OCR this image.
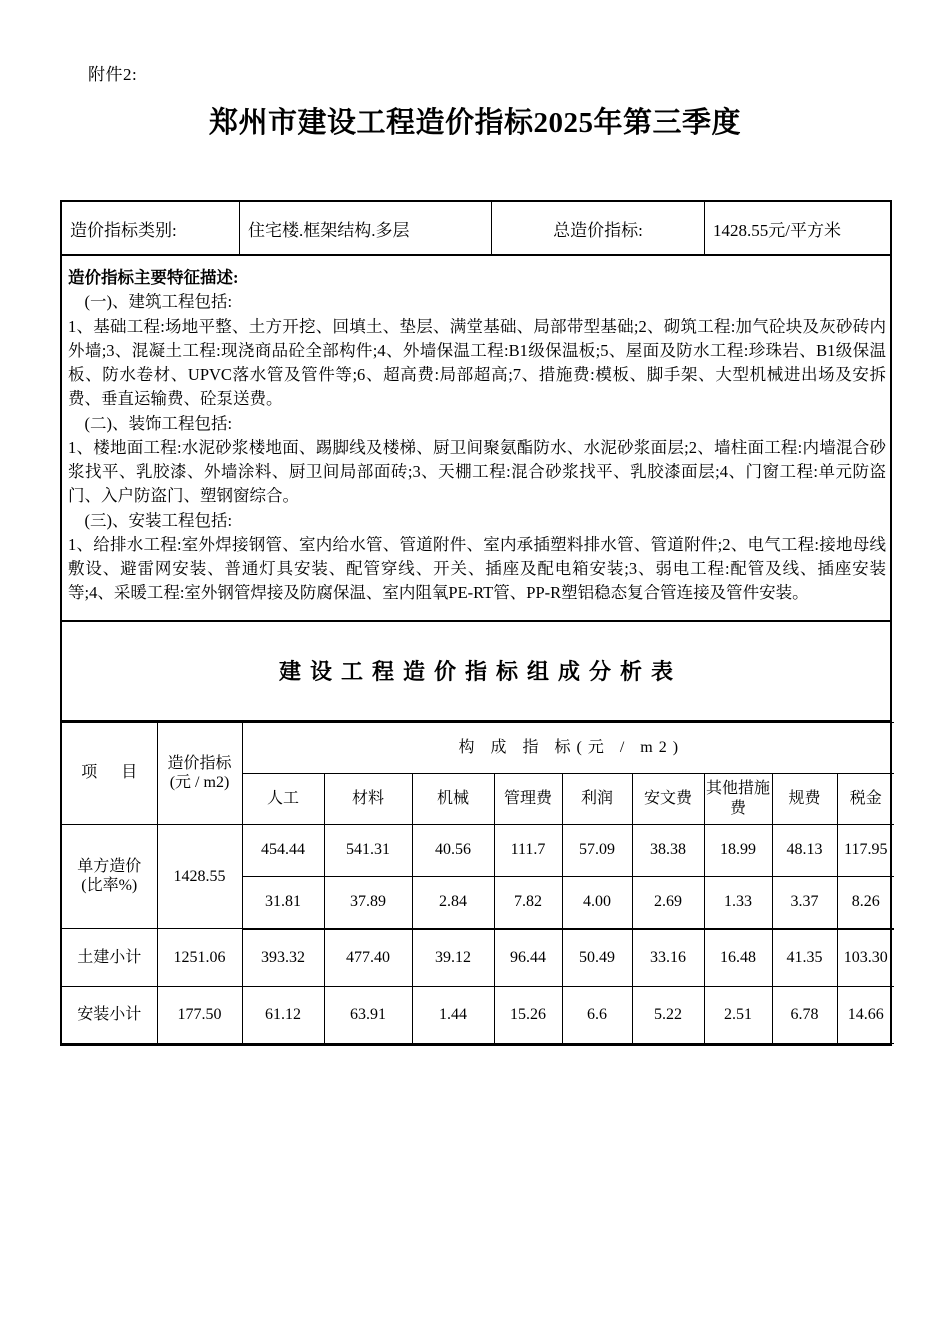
附件2:
郑州市建设工程造价指标2025年第三季度
造价指标类别:	住宅楼.框架结构.多层	总造价指标:	1428.55元/平方米

造价指标主要特征描述:

(一)、建筑工程包括:

1、基础工程:场地平整、土方开挖、回填土、垫层、满堂基础、局部带型基础;2、砌筑工程:加气砼块及灰砂砖内外墙;3、混凝土工程:现浇商品砼全部构件;4、外墙保温工程:B1级保温板;5、屋面及防水工程:珍珠岩、B1级保温板、防水卷材、UPVC落水管及管件等;6、超高费:局部超高;7、措施费:模板、脚手架、大型机械进出场及安拆费、垂直运输费、砼泵送费。

(二)、装饰工程包括:

1、楼地面工程:水泥砂浆楼地面、踢脚线及楼梯、厨卫间聚氨酯防水、水泥砂浆面层;2、墙柱面工程:内墙混合砂浆找平、乳胶漆、外墙涂料、厨卫间局部面砖;3、天棚工程:混合砂浆找平、乳胶漆面层;4、门窗工程:单元防盗门、入户防盗门、塑钢窗综合。

(三)、安装工程包括:

1、给排水工程:室外焊接钢管、室内给水管、管道附件、室内承插塑料排水管、管道附件;2、电气工程:接地母线敷设、避雷网安装、普通灯具安装、配管穿线、开关、插座及配电箱安装;3、弱电工程:配管及线、插座安装等;4、采暖工程:室外钢管焊接及防腐保温、室内阻氧PE-RT管、PP-R塑铝稳态复合管连接及管件安装。

建设工程造价指标组成分析表
项 目	造价指标
(元 / m2)	构 成 指 标(元 / m2)								
		人工	材料	机械	管理费	利润	安文费	其他措施费	规费	税金

单方造价
(比率%)	1428.55	454.44	541.31	40.56	111.7	57.09	38.38	18.99	48.13	117.95
		31.81	37.89	2.84	7.82	4.00	2.69	1.33	3.37	8.26
土建小计	1251.06	393.32	477.40	39.12	96.44	50.49	33.16	16.48	41.35	103.30
安装小计	177.50	61.12	63.91	1.44	15.26	6.6	5.22	2.51	6.78	14.66
